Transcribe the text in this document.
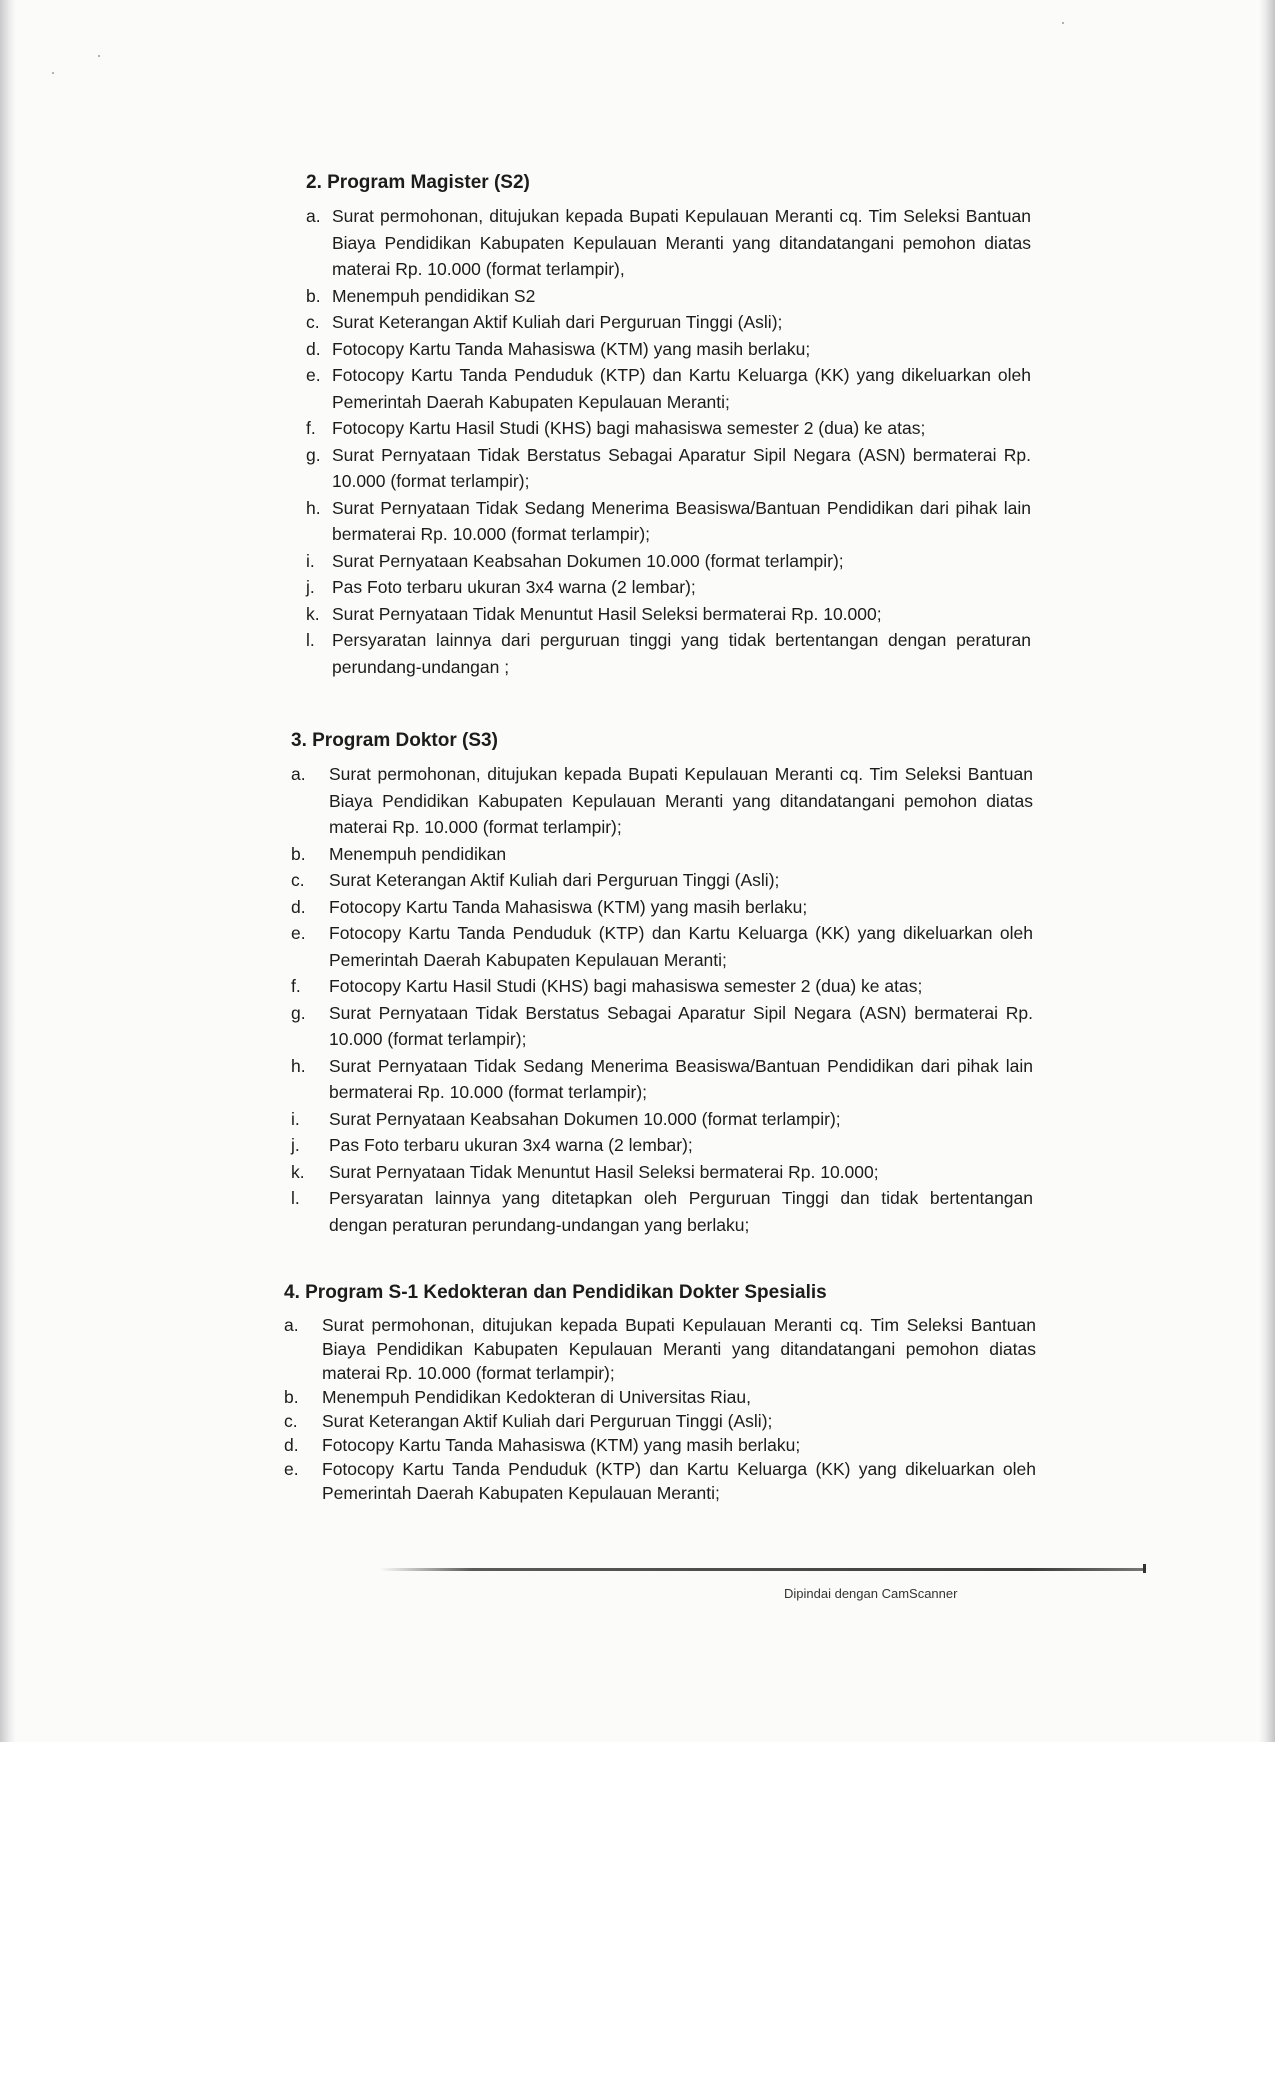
2. Program Magister (S2)
a. Surat permohonan, ditujukan kepada Bupati Kepulauan Meranti cq. Tim Seleksi Bantuan Biaya Pendidikan Kabupaten Kepulauan Meranti yang ditandatangani pemohon diatas materai Rp. 10.000 (format terlampir),
b. Menempuh pendidikan S2
c. Surat Keterangan Aktif Kuliah dari Perguruan Tinggi (Asli);
d. Fotocopy Kartu Tanda Mahasiswa (KTM) yang masih berlaku;
e. Fotocopy Kartu Tanda Penduduk (KTP) dan Kartu Keluarga (KK) yang dikeluarkan oleh Pemerintah Daerah Kabupaten Kepulauan Meranti;
f. Fotocopy Kartu Hasil Studi (KHS) bagi mahasiswa semester 2 (dua) ke atas;
g. Surat Pernyataan Tidak Berstatus Sebagai Aparatur Sipil Negara (ASN) bermaterai Rp. 10.000 (format terlampir);
h. Surat Pernyataan Tidak Sedang Menerima Beasiswa/Bantuan Pendidikan dari pihak lain bermaterai Rp. 10.000 (format terlampir);
i. Surat Pernyataan Keabsahan Dokumen 10.000 (format terlampir);
j. Pas Foto terbaru ukuran 3x4 warna (2 lembar);
k. Surat Pernyataan Tidak Menuntut Hasil Seleksi bermaterai Rp. 10.000;
l. Persyaratan lainnya dari perguruan tinggi yang tidak bertentangan dengan peraturan perundang-undangan ;
3. Program Doktor (S3)
a. Surat permohonan, ditujukan kepada Bupati Kepulauan Meranti cq. Tim Seleksi Bantuan Biaya Pendidikan Kabupaten Kepulauan Meranti yang ditandatangani pemohon diatas materai Rp. 10.000 (format terlampir);
b. Menempuh pendidikan
c. Surat Keterangan Aktif Kuliah dari Perguruan Tinggi (Asli);
d. Fotocopy Kartu Tanda Mahasiswa (KTM) yang masih berlaku;
e. Fotocopy Kartu Tanda Penduduk (KTP) dan Kartu Keluarga (KK) yang dikeluarkan oleh Pemerintah Daerah Kabupaten Kepulauan Meranti;
f. Fotocopy Kartu Hasil Studi (KHS) bagi mahasiswa semester 2 (dua) ke atas;
g. Surat Pernyataan Tidak Berstatus Sebagai Aparatur Sipil Negara (ASN) bermaterai Rp. 10.000 (format terlampir);
h. Surat Pernyataan Tidak Sedang Menerima Beasiswa/Bantuan Pendidikan dari pihak lain bermaterai Rp. 10.000 (format terlampir);
i. Surat Pernyataan Keabsahan Dokumen 10.000 (format terlampir);
j. Pas Foto terbaru ukuran 3x4 warna (2 lembar);
k. Surat Pernyataan Tidak Menuntut Hasil Seleksi bermaterai Rp. 10.000;
l. Persyaratan lainnya yang ditetapkan oleh Perguruan Tinggi dan tidak bertentangan dengan peraturan perundang-undangan yang berlaku;
4. Program S-1 Kedokteran dan Pendidikan Dokter Spesialis
a. Surat permohonan, ditujukan kepada Bupati Kepulauan Meranti cq. Tim Seleksi Bantuan Biaya Pendidikan Kabupaten Kepulauan Meranti yang ditandatangani pemohon diatas materai Rp. 10.000 (format terlampir);
b. Menempuh Pendidikan Kedokteran di Universitas Riau,
c. Surat Keterangan Aktif Kuliah dari Perguruan Tinggi (Asli);
d. Fotocopy Kartu Tanda Mahasiswa (KTM) yang masih berlaku;
e. Fotocopy Kartu Tanda Penduduk (KTP) dan Kartu Keluarga (KK) yang dikeluarkan oleh Pemerintah Daerah Kabupaten Kepulauan Meranti;
Dipindai dengan CamScanner
